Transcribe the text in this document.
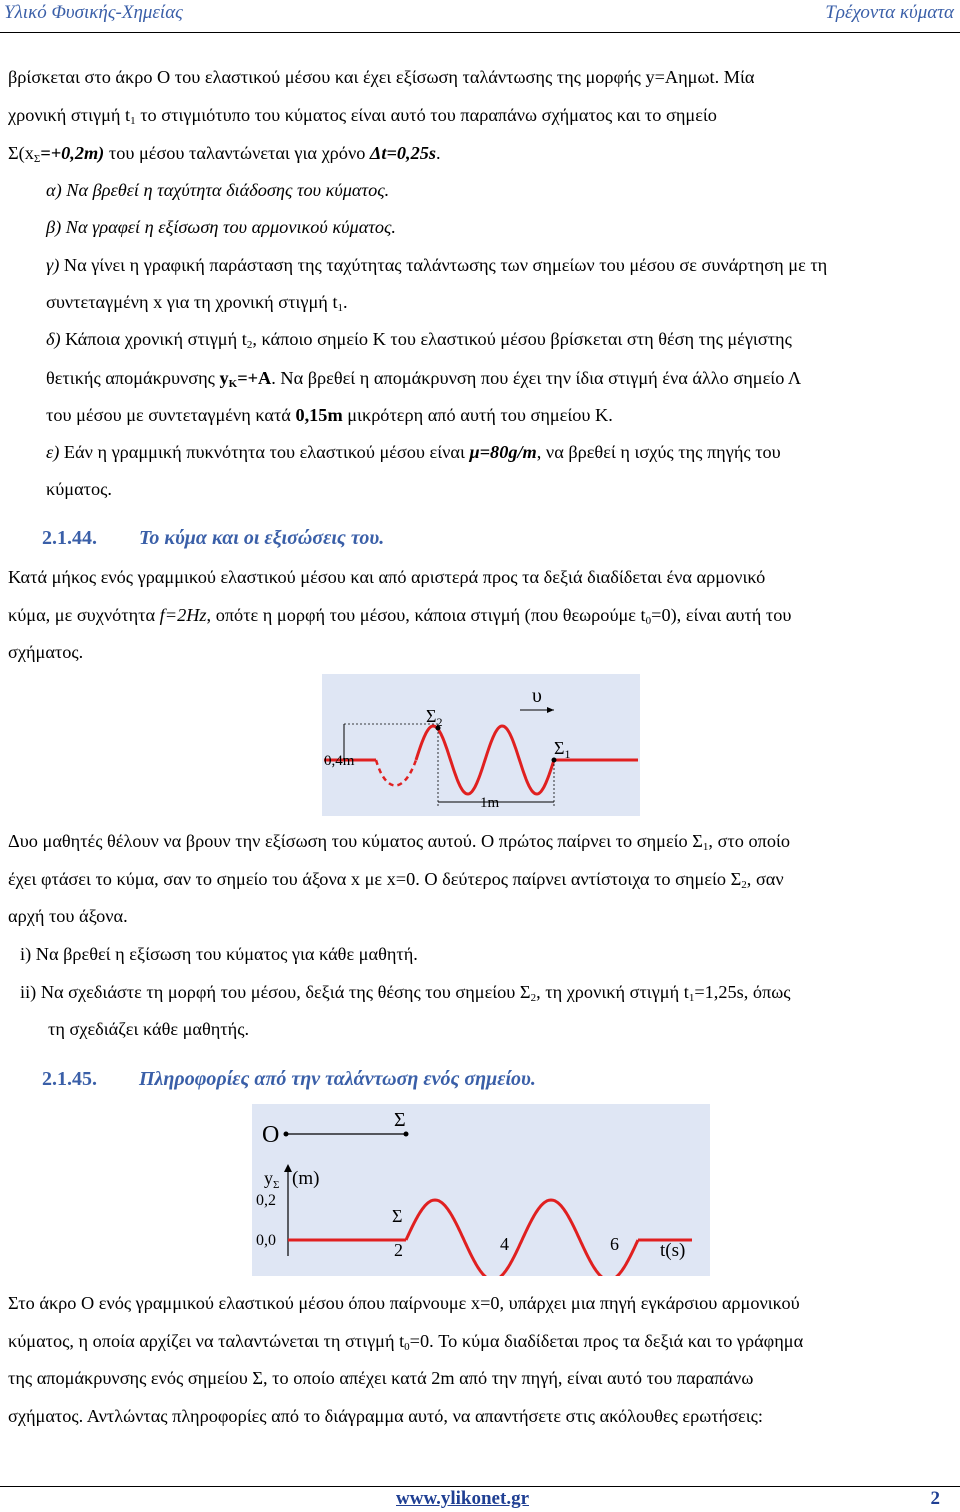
Υλικό Φυσικής-Χημείας	Τρέχοντα κύματα
βρίσκεται στο άκρο Ο του ελαστικού μέσου και έχει εξίσωση ταλάντωσης της μορφής y=Aημωt. Μία
χρονική στιγμή $t_1$ το στιγμιότυπο του κύματος είναι αυτό του παραπάνω σχήματος και το σημείο
$\Sigma(x_\Sigma=+0,2m)$ του μέσου ταλαντώνεται για χρόνο Δt=0,25s.
α) Να βρεθεί η ταχύτητα διάδοσης του κύματος.
β) Να γραφεί η εξίσωση του αρμονικού κύματος.
γ) Να γίνει η γραφική παράσταση της ταχύτητας ταλάντωσης των σημείων του μέσου σε συνάρτηση με τη
συντεταγμένη x για τη χρονική στιγμή $t_1$.
δ) Κάποια χρονική στιγμή $t_2$, κάποιο σημείο Κ του ελαστικού μέσου βρίσκεται στη θέση της μέγιστης
θετικής απομάκρυνσης $y_K=+A$. Να βρεθεί η απομάκρυνση που έχει την ίδια στιγμή ένα άλλο σημείο Λ
του μέσου με συντεταγμένη κατά 0,15m μικρότερη από αυτή του σημείου Κ.
ε) Εάν η γραμμική πυκνότητα του ελαστικού μέσου είναι μ=80g/m, να βρεθεί η ισχύς της πηγής του
κύματος.
2.1.44. Το κύμα και οι εξισώσεις του.
Κατά μήκος ενός γραμμικού ελαστικού μέσου και από αριστερά προς τα δεξιά διαδίδεται ένα αρμονικό
κύμα, με συχνότητα f=2Hz, οπότε η μορφή του μέσου, κάποια στιγμή (που θεωρούμε $t_0=0$), είναι αυτή του
σχήματος.
0,4m
1m
$\Sigma_2$
$\Sigma_1$
υ
Δυο μαθητές θέλουν να βρουν την εξίσωση του κύματος αυτού. Ο πρώτος παίρνει το σημείο $\Sigma_1$, στο οποίο
έχει φτάσει το κύμα, σαν το σημείο του άξονα x με x=0. Ο δεύτερος παίρνει αντίστοιχα το σημείο $\Sigma_2$, σαν
αρχή του άξονα.
i) Να βρεθεί η εξίσωση του κύματος για κάθε μαθητή.
ii) Να σχεδιάστε τη μορφή του μέσου, δεξιά της θέσης του σημείου $\Sigma_2$, τη χρονική στιγμή $t_1=1,25s$, όπως
τη σχεδιάζει κάθε μαθητής.
2.1.45. Πληροφορίες από την ταλάντωση ενός σημείου.
Ο
Σ
$y_\Sigma$ (m)
0,2
0,0
Σ
2	4	6 t(s)
Στο άκρο Ο ενός γραμμικού ελαστικού μέσου όπου παίρνουμε x=0, υπάρχει μια πηγή εγκάρσιου αρμονικού
κύματος, η οποία αρχίζει να ταλαντώνεται τη στιγμή $t_0=0$. Το κύμα διαδίδεται προς τα δεξιά και το γράφημα
της απομάκρυνσης ενός σημείου Σ, το οποίο απέχει κατά 2m από την πηγή, είναι αυτό του παραπάνω
σχήματος. Αντλώντας πληροφορίες από το διάγραμμα αυτό, να απαντήσετε στις ακόλουθες ερωτήσεις:
www.ylikonet.gr	2
